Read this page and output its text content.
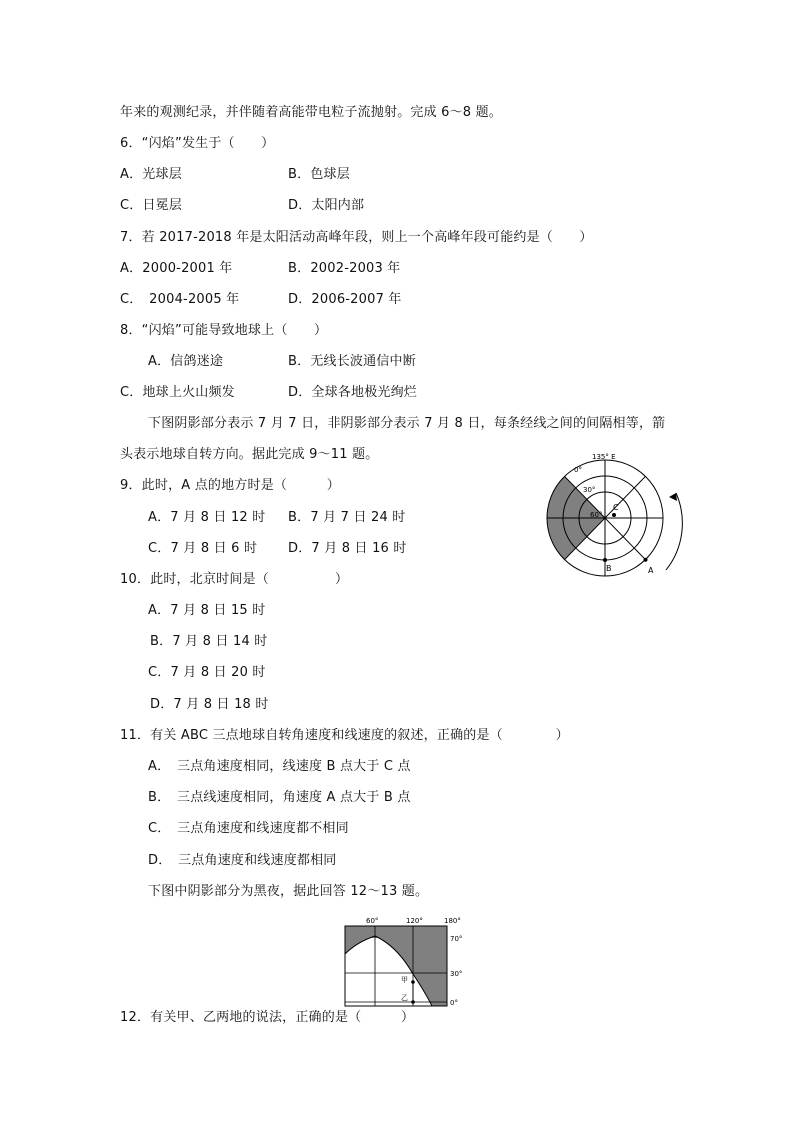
年来的观测纪录，并伴随着高能带电粒子流抛射。完成 6～8 题。
6．“闪焰”发生于（　　）
A．光球层	B．色球层
C．日冕层	D．太阳内部
7．若 2017-2018 年是太阳活动高峰年段，则上一个高峰年段可能约是（　　）
A．2000-2001 年	B．2002-2003 年
C．　2004-2005 年	D．2006-2007 年
8．“闪焰”可能导致地球上（　　）
A．信鸽迷途	B．无线长波通信中断
C．地球上火山频发	D．全球各地极光绚烂
下图阴影部分表示 7 月 7 日，非阴影部分表示 7 月 8 日，每条经线之间的间隔相等，箭
头表示地球自转方向。据此完成 9～11 题。
9．此时，A 点的地方时是（　　　）
A．7 月 8 日 12 时 B．7 月 7 日 24 时
C．7 月 8 日 6 时 D．7 月 8 日 16 时
10．此时，北京时间是（　　　　　）
A．7 月 8 日 15 时
B．7 月 8 日 14 时
C．7 月 8 日 20 时
D．7 月 8 日 18 时
11．有关 ABC 三点地球自转角速度和线速度的叙述，正确的是（　　　　）
A．　三点角速度相同，线速度 B 点大于 C 点
B．　三点线速度相同，角速度 A 点大于 B 点
C．　三点角速度和线速度都不相同
D．　三点角速度和线速度都相同
下图中阴影部分为黑夜，据此回答 12～13 题。
12．有关甲、乙两地的说法，正确的是（　　　）
135° E
0°
30°
60°
A
B
C
60°	120°	180°
70°
30°
0°
甲
乙
